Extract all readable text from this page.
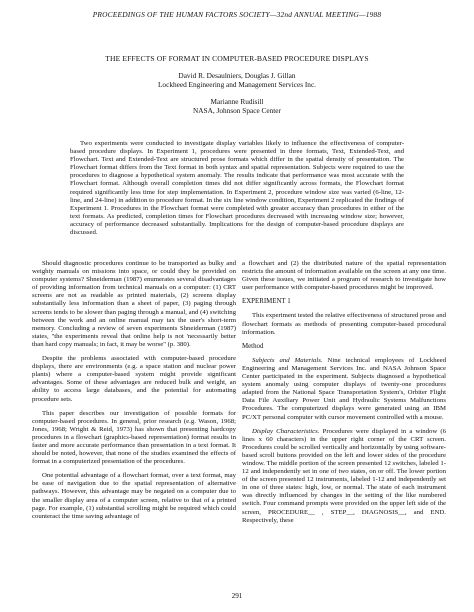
PROCEEDINGS OF THE HUMAN FACTORS SOCIETY—32nd ANNUAL MEETING—1988

THE EFFECTS OF FORMAT IN COMPUTER-BASED PROCEDURE DISPLAYS

David R. Desaulniers, Douglas J. Gillan

Lockheed Engineering and Management Services Inc.

Marianne Rudisill

NASA, Johnson Space Center

Two experiments were conducted to investigate display variables likely to influence the effectiveness of computer-based procedure displays. In Experiment 1, procedures were presented in three formats, Text, Extended-Text, and Flowchart. Text and Extended-Text are structured prose formats which differ in the spatial density of presentation. The Flowchart format differs from the Text format in both syntax and spatial representation. Subjects were required to use the procedures to diagnose a hypothetical system anomaly. The results indicate that performance was most accurate with the Flowchart format. Although overall completion times did not differ significantly across formats, the Flowchart format required significantly less time for step implementation. In Experiment 2, procedure window size was varied (6-line, 12-line, and 24-line) in addition to procedure format. In the six line window condition, Experiment 2 replicated the findings of Experiment 1. Procedures in the Flowchart format were completed with greater accuracy than procedures in either of the text formats. As predicted, completion times for Flowchart procedures decreased with increasing window size; however, accuracy of performance decreased substantially. Implications for the design of computer-based procedure displays are discussed.

Should diagnostic procedures continue to be transported as bulky and weighty manuals on missions into space, or could they be provided on computer systems? Shneiderman (1987) enumerates several disadvantages of providing information from technical manuals on a computer: (1) CRT screens are not as readable as printed materials, (2) screens display substantially less information than a sheet of paper, (3) paging through screens tends to be slower than paging through a manual, and (4) switching between the work and an online manual may tax the user's short-term memory. Concluding a review of seven experiments Shneiderman (1987) states, "the experiments reveal that online help is not 'necessarily better than hard copy manuals; in fact, it may be worse" (p. 380).

Despite the problems associated with computer-based procedure displays, there are environments (e.g. a space station and nuclear power plants) where a computer-based system might provide significant advantages. Some of these advantages are reduced bulk and weight, an ability to access large databases, and the potential for automating procedure sets.

This paper describes our investigation of possible formats for computer-based procedures. In general, prior research (e.g. Wason, 1968; Jones, 1968; Wright & Reid, 1973) has shown that presenting hardcopy procedures in a flowchart (graphics-based representation) format results in faster and more accurate performance than presentation in a text format. It should be noted, however, that none of the studies examined the effects of format in a computerized presentation of the procedures.

One potential advantage of a flowchart format, over a text format, may be ease of navigation due to the spatial representation of alternative pathways. However, this advantage may be negated on a computer due to the smaller display area of a computer screen, relative to that of a printed page. For example, (1) substantial scrolling might be required which could counteract the time saving advantage of

a flowchart and (2) the distributed nature of the spatial representation restricts the amount of information available on the screen at any one time. Given these issues, we initiated a program of research to investigate how user performance with computer-based procedures might be improved.

EXPERIMENT 1

This experiment tested the relative effectiveness of structured prose and flowchart formats as methods of presenting computer-based procedural information.

Method

Subjects and Materials. Nine technical employees of Lockheed Engineering and Management Services Inc. and NASA Johnson Space Center participated in the experiment. Subjects diagnosed a hypothetical system anomaly using computer displays of twenty-one procedures adapted from the National Space Transportation System's, Orbiter Flight Data File Auxiliary Power Unit and Hydraulic Systems Malfunctions Procedures. The computerized displays were generated using an IBM PC/XT personal computer with cursor movement controlled with a mouse.

Display Characteristics. Procedures were displayed in a window (6 lines x 60 characters) in the upper right corner of the CRT screen. Procedures could be scrolled vertically and horizontally by using software-based scroll buttons provided on the left and lower sides of the procedure window. The middle portion of the screen presented 12 switches, labeled 1-12 and independently set in one of two states, on or off. The lower portion of the screen presented 12 instruments, labeled 1-12 and independently set in one of three states: high, low, or normal. The state of each instrument was directly influenced by changes in the setting of the like numbered switch. Four command prompts were provided on the upper left side of the screen, PROCEDURE__ , STEP__, DIAGNOSIS__, and END. Respectively, these

291
